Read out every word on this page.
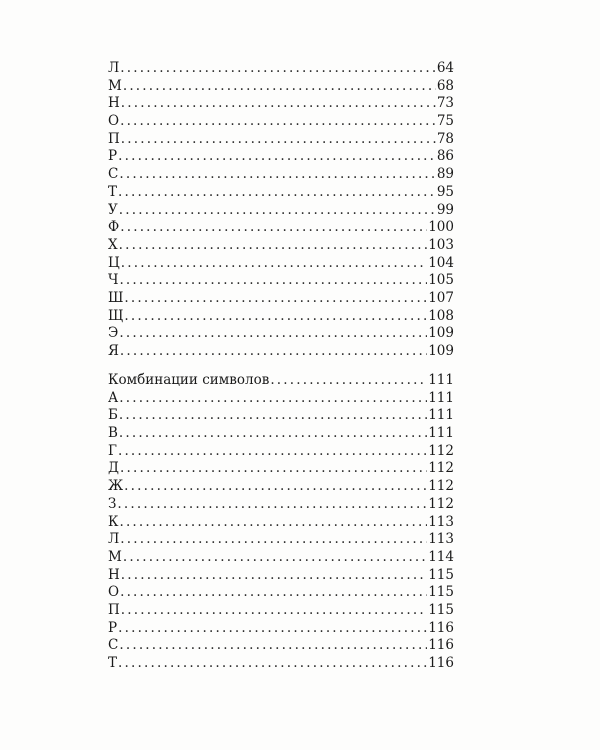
Л .....	64
М .....	68
Н .....	73
О .....	75
П .....	78
Р .....	86
С .....	89
Т .....	95
У .....	99
Ф .....	100
Х .....	103
Ц .....	104
Ч .....	105
Ш .....	107
Щ .....	108
Э .....	109
Я .....	109
Комбинации символов .....	111
А .....	111
Б .....	111
В .....	111
Г .....	112
Д .....	112
Ж .....	112
З .....	112
К .....	113
Л .....	113
М .....	114
Н .....	115
О .....	115
П .....	115
Р .....	116
С .....	116
Т .....	116
